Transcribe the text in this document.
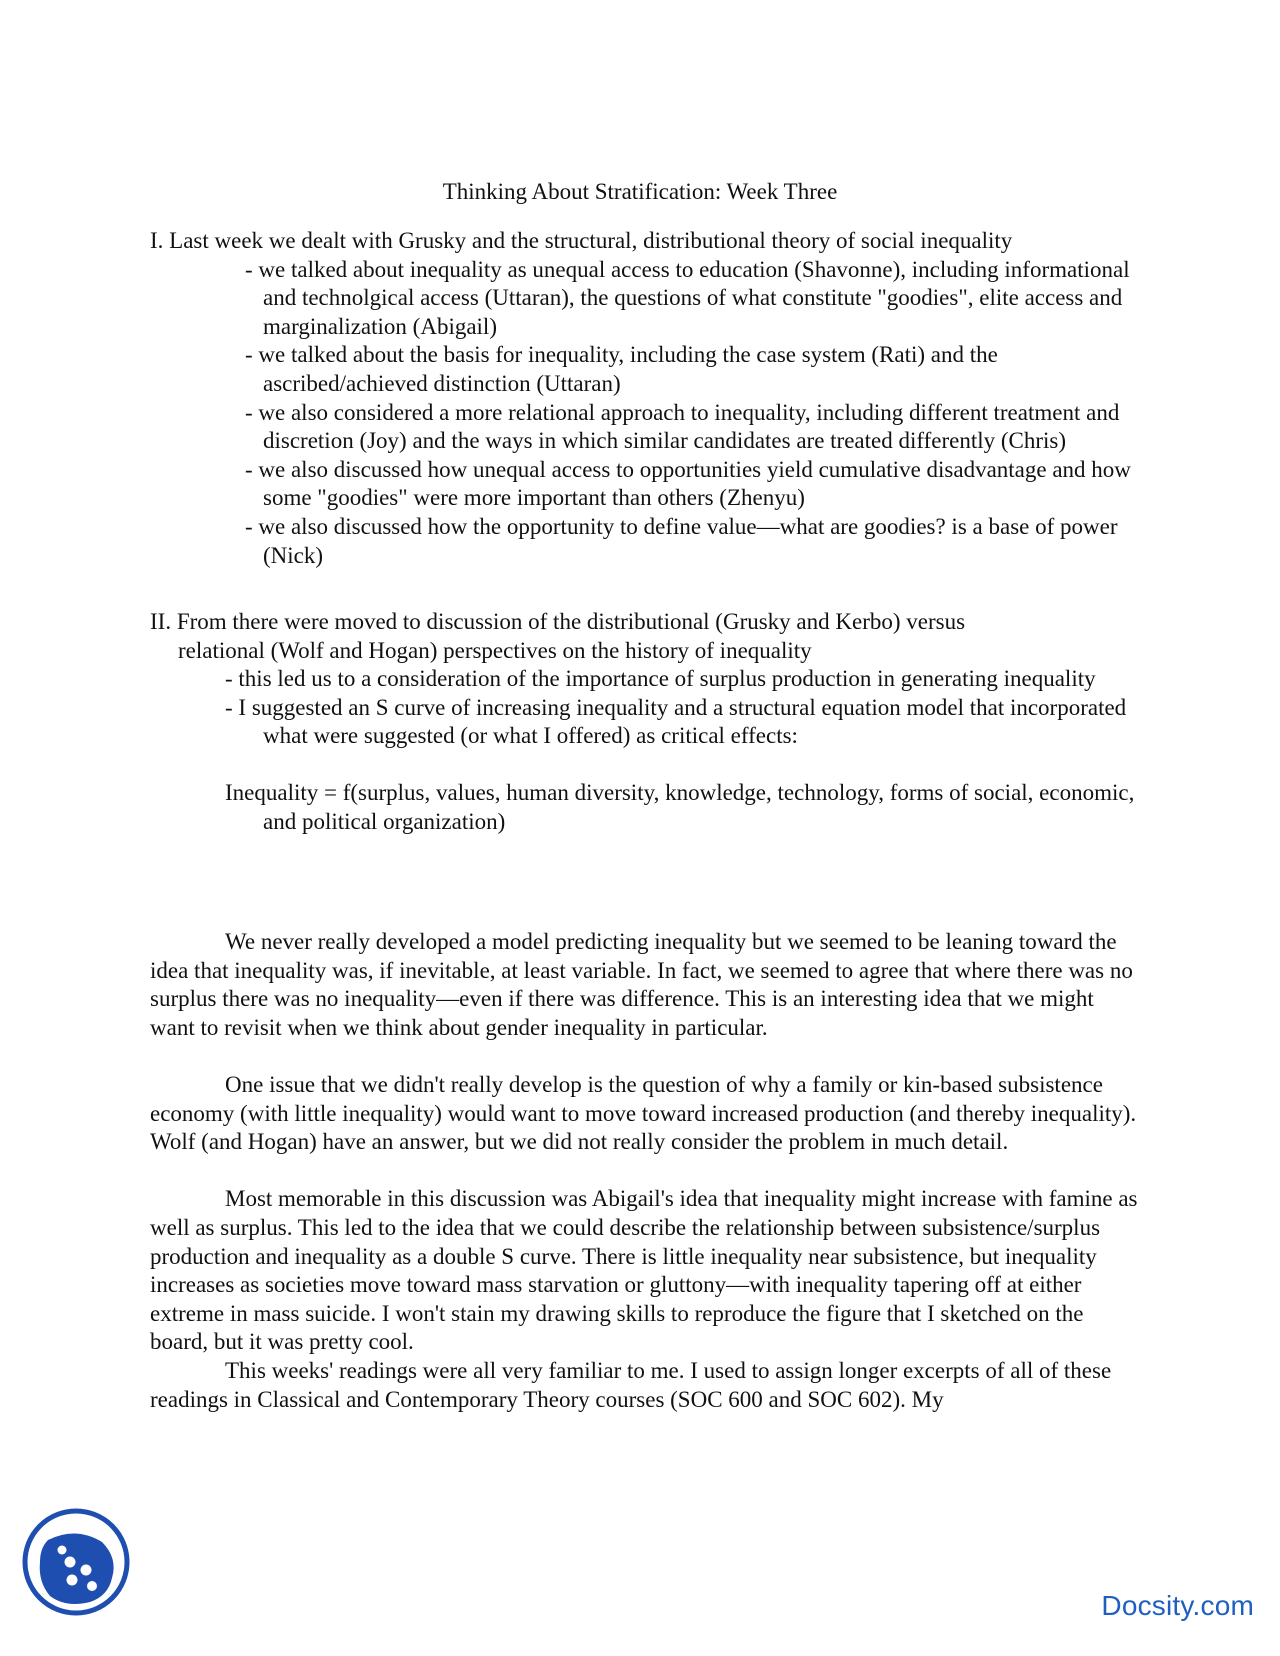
Thinking About Stratification: Week Three

I. Last week we dealt with Grusky and the structural, distributional theory of social inequality

- we talked about inequality as unequal access to education (Shavonne), including informational and technolgical access (Uttaran), the questions of what constitute "goodies", elite access and marginalization (Abigail)

- we talked about the basis for inequality, including the case system (Rati) and the ascribed/achieved distinction (Uttaran)

- we also considered a more relational approach to inequality, including different treatment and discretion (Joy) and the ways in which similar candidates are treated differently (Chris)

- we also discussed how unequal access to opportunities yield cumulative disadvantage and how some "goodies" were more important than others (Zhenyu)

- we also discussed how the opportunity to define value—what are goodies? is a base of power (Nick)

II. From there were moved to discussion of the distributional (Grusky and Kerbo) versus

relational (Wolf and Hogan) perspectives on the history of inequality

- this led us to a consideration of the importance of surplus production in generating inequality

- I suggested an S curve of increasing inequality and a structural equation model that incorporated what were suggested (or what I offered) as critical effects:

Inequality = f(surplus, values, human diversity, knowledge, technology, forms of social, economic, and political organization)

We never really developed a model predicting inequality but we seemed to be leaning toward the idea that inequality was, if inevitable, at least variable. In fact, we seemed to agree that where there was no surplus there was no inequality—even if there was difference. This is an interesting idea that we might want to revisit when we think about gender inequality in particular.

One issue that we didn't really develop is the question of why a family or kin-based subsistence economy (with little inequality) would want to move toward increased production (and thereby inequality). Wolf (and Hogan) have an answer, but we did not really consider the problem in much detail.

Most memorable in this discussion was Abigail's idea that inequality might increase with famine as well as surplus. This led to the idea that we could describe the relationship between subsistence/surplus production and inequality as a double S curve. There is little inequality near subsistence, but inequality increases as societies move toward mass starvation or gluttony—with inequality tapering off at either extreme in mass suicide. I won't stain my drawing skills to reproduce the figure that I sketched on the board, but it was pretty cool.

This weeks' readings were all very familiar to me. I used to assign longer excerpts of all of these readings in Classical and Contemporary Theory courses (SOC 600 and SOC 602). My

Docsity.com
